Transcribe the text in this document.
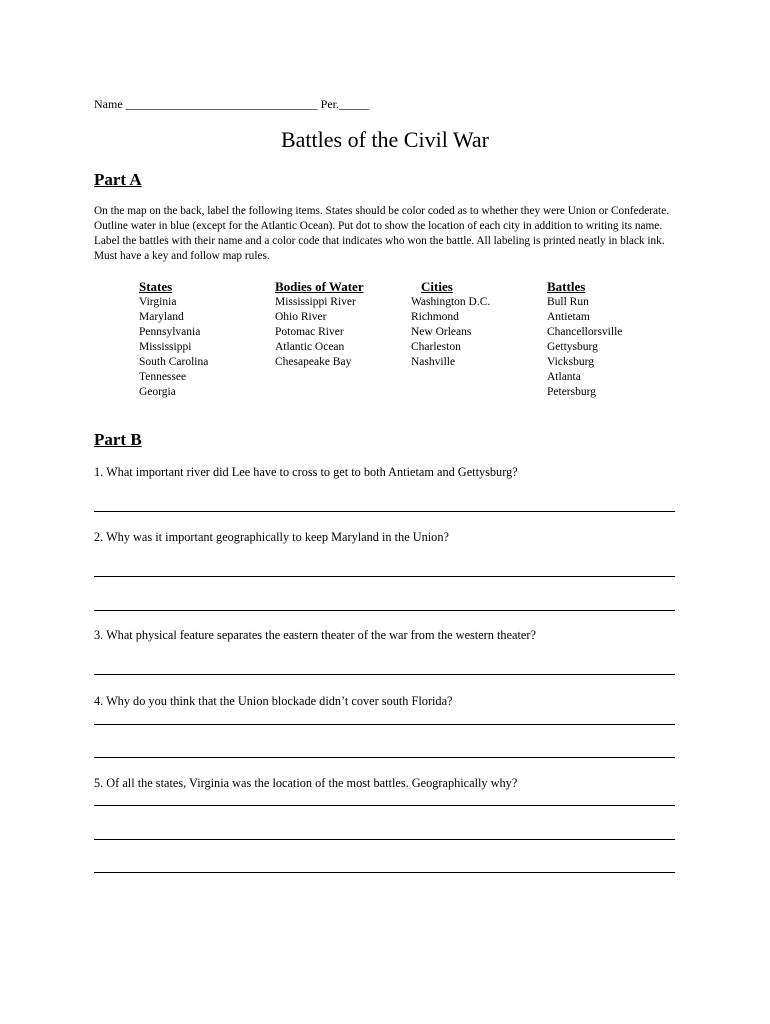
Name ________________________________ Per._____
Battles of the Civil War
Part A
On the map on the back, label the following items. States should be color coded as to whether they were Union or Confederate. Outline water in blue (except for the Atlantic Ocean). Put dot to show the location of each city in addition to writing its name. Label the battles with their name and a color code that indicates who won the battle. All labeling is printed neatly in black ink. Must have a key and follow map rules.
States
Virginia
Maryland
Pennsylvania
Mississippi
South Carolina
Tennessee
Georgia
Bodies of Water
Mississippi River
Ohio River
Potomac River
Atlantic Ocean
Chesapeake Bay
Cities
Washington D.C.
Richmond
New Orleans
Charleston
Nashville
Battles
Bull Run
Antietam
Chancellorsville
Gettysburg
Vicksburg
Atlanta
Petersburg
Part B
1. What important river did Lee have to cross to get to both Antietam and Gettysburg?
2. Why was it important geographically to keep Maryland in the Union?
3. What physical feature separates the eastern theater of the war from the western theater?
4. Why do you think that the Union blockade didn’t cover south Florida?
5. Of all the states, Virginia was the location of the most battles. Geographically why?
